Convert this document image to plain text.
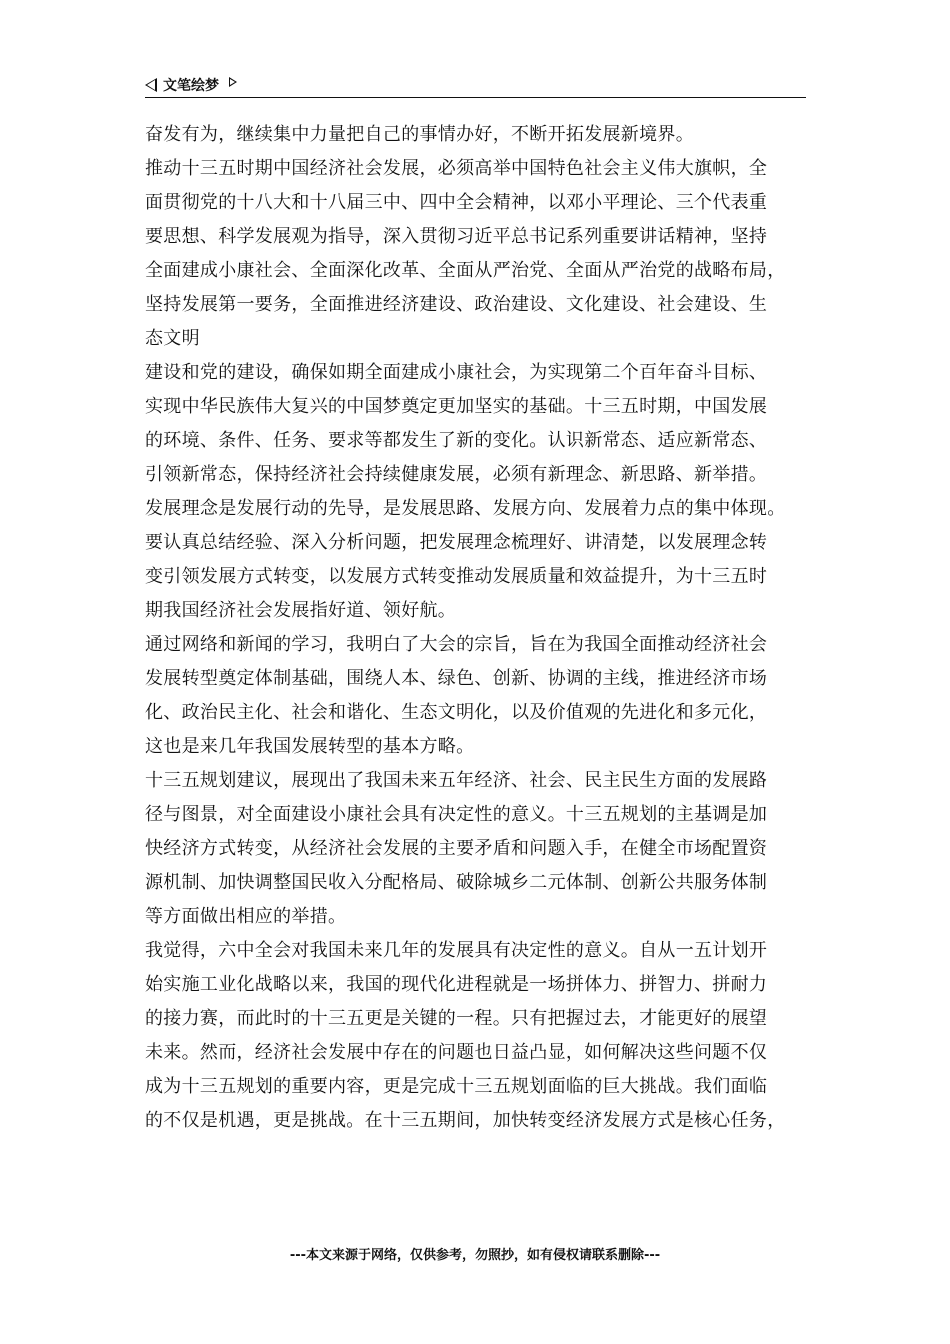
文笔绘梦
奋发有为，继续集中力量把自己的事情办好，不断开拓发展新境界。
推动十三五时期中国经济社会发展，必须高举中国特色社会主义伟大旗帜，全
面贯彻党的十八大和十八届三中、四中全会精神，以邓小平理论、三个代表重
要思想、科学发展观为指导，深入贯彻习近平总书记系列重要讲话精神，坚持
全面建成小康社会、全面深化改革、全面从严治党、全面从严治党的战略布局，
坚持发展第一要务，全面推进经济建设、政治建设、文化建设、社会建设、生
态文明
建设和党的建设，确保如期全面建成小康社会，为实现第二个百年奋斗目标、
实现中华民族伟大复兴的中国梦奠定更加坚实的基础。十三五时期，中国发展
的环境、条件、任务、要求等都发生了新的变化。认识新常态、适应新常态、
引领新常态，保持经济社会持续健康发展，必须有新理念、新思路、新举措。
发展理念是发展行动的先导，是发展思路、发展方向、发展着力点的集中体现。
要认真总结经验、深入分析问题，把发展理念梳理好、讲清楚，以发展理念转
变引领发展方式转变，以发展方式转变推动发展质量和效益提升，为十三五时
期我国经济社会发展指好道、领好航。
通过网络和新闻的学习，我明白了大会的宗旨，旨在为我国全面推动经济社会
发展转型奠定体制基础，围绕人本、绿色、创新、协调的主线，推进经济市场
化、政治民主化、社会和谐化、生态文明化，以及价值观的先进化和多元化，
这也是来几年我国发展转型的基本方略。
十三五规划建议，展现出了我国未来五年经济、社会、民主民生方面的发展路
径与图景，对全面建设小康社会具有决定性的意义。十三五规划的主基调是加
快经济方式转变，从经济社会发展的主要矛盾和问题入手，在健全市场配置资
源机制、加快调整国民收入分配格局、破除城乡二元体制、创新公共服务体制
等方面做出相应的举措。
我觉得，六中全会对我国未来几年的发展具有决定性的意义。自从一五计划开
始实施工业化战略以来，我国的现代化进程就是一场拼体力、拼智力、拼耐力
的接力赛，而此时的十三五更是关键的一程。只有把握过去，才能更好的展望
未来。然而，经济社会发展中存在的问题也日益凸显，如何解决这些问题不仅
成为十三五规划的重要内容，更是完成十三五规划面临的巨大挑战。我们面临
的不仅是机遇，更是挑战。在十三五期间，加快转变经济发展方式是核心任务，
---本文来源于网络，仅供参考，勿照抄，如有侵权请联系删除---
